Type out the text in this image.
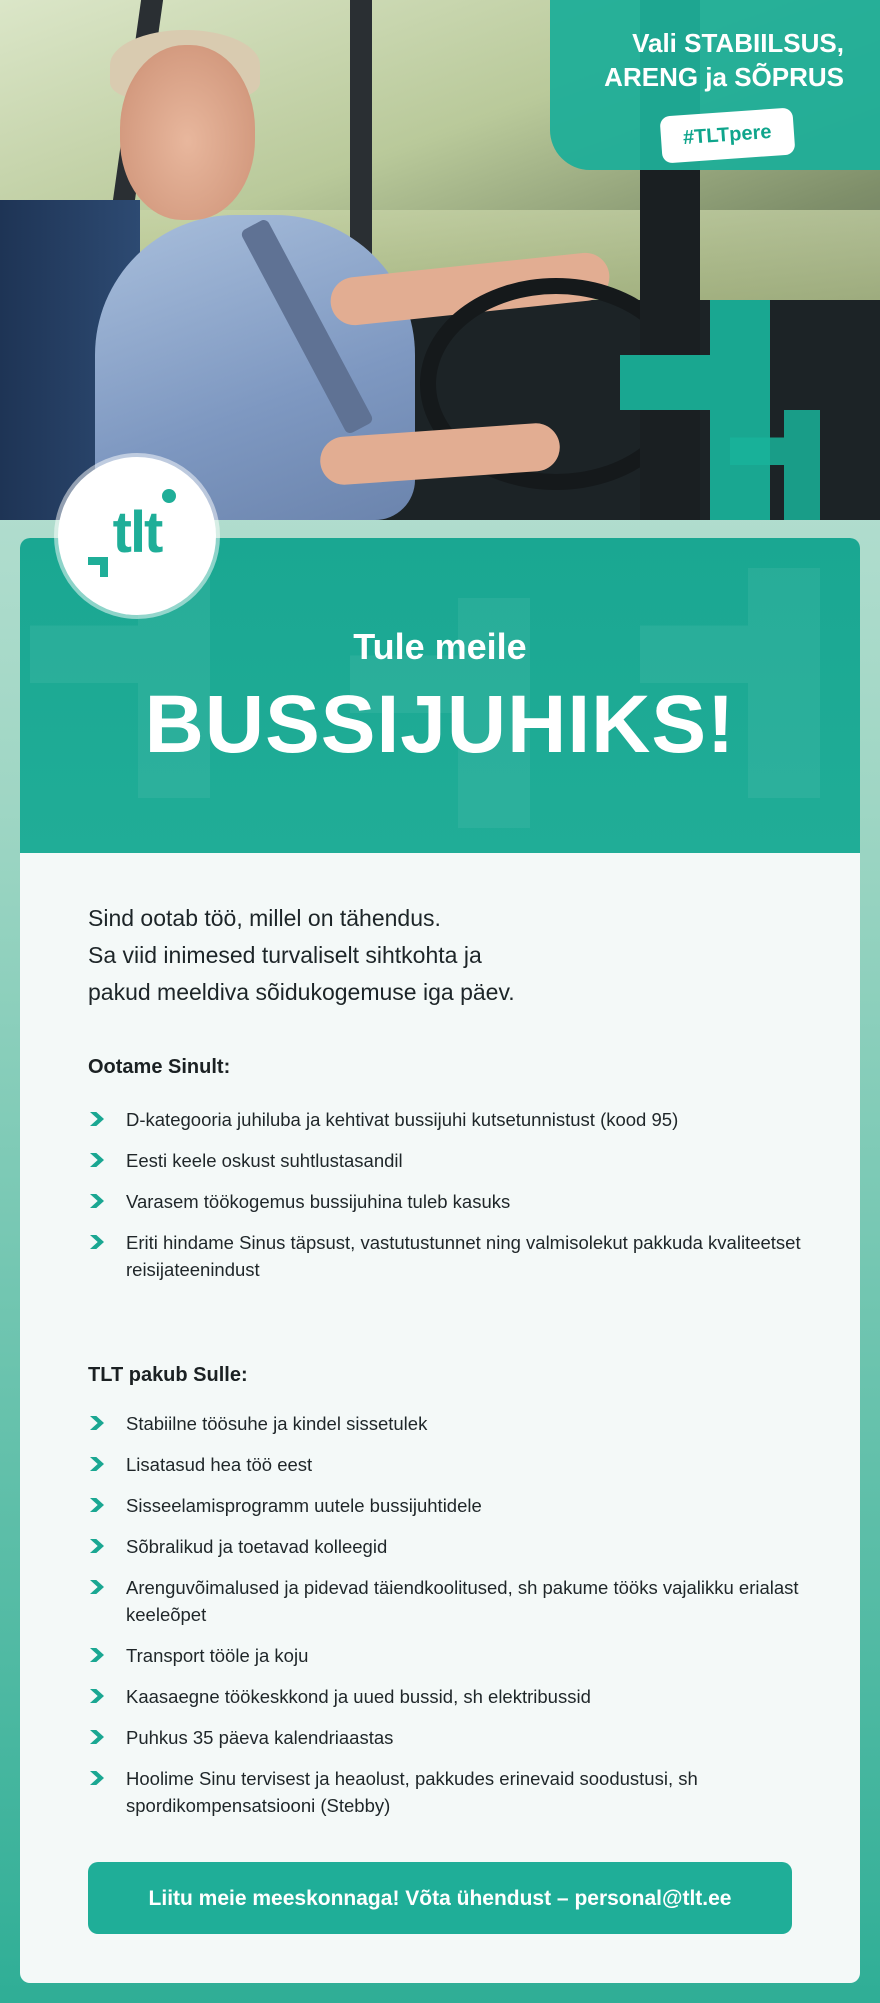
Vali STABIILSUS,
ARENG ja SÕPRUS
#TLTpere
Tule meile
BUSSIJUHIKS!
Sind ootab töö, millel on tähendus.
Sa viid inimesed turvaliselt sihtkohta ja
pakud meeldiva sõidukogemuse iga päev.
Ootame Sinult:
D-kategooria juhiluba ja kehtivat bussijuhi kutsetunnistust (kood 95)
Eesti keele oskust suhtlustasandil
Varasem töökogemus bussijuhina tuleb kasuks
Eriti hindame Sinus täpsust, vastutustunnet ning valmisolekut pakkuda kvaliteetset reisijateenindust
TLT pakub Sulle:
Stabiilne töösuhe ja kindel sissetulek
Lisatasud hea töö eest
Sisseelamisprogramm uutele bussijuhtidele
Sõbralikud ja toetavad kolleegid
Arenguvõimalused ja pidevad täiendkoolitused, sh pakume tööks vajalikku erialast keeleõpet
Transport tööle ja koju
Kaasaegne töökeskkond ja uued bussid, sh elektribussid
Puhkus 35 päeva kalendriaastas
Hoolime Sinu tervisest ja heaolust, pakkudes erinevaid soodustusi, sh spordikompensatsiooni (Stebby)
Liitu meie meeskonnaga! Võta ühendust – personal@tlt.ee
tlt
